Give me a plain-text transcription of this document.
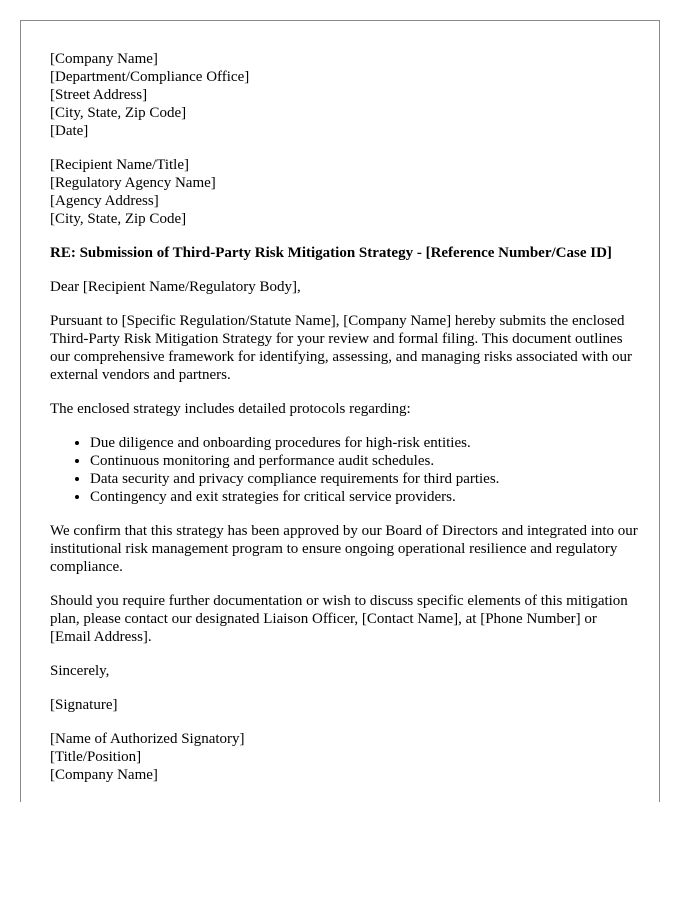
[Company Name]
[Department/Compliance Office]
[Street Address]
[City, State, Zip Code]
[Date]
[Recipient Name/Title]
[Regulatory Agency Name]
[Agency Address]
[City, State, Zip Code]
RE: Submission of Third-Party Risk Mitigation Strategy - [Reference Number/Case ID]

Dear [Recipient Name/Regulatory Body],

Pursuant to [Specific Regulation/Statute Name], [Company Name] hereby submits the enclosed Third-Party Risk Mitigation Strategy for your review and formal filing. This document outlines our comprehensive framework for identifying, assessing, and managing risks associated with our external vendors and partners.

The enclosed strategy includes detailed protocols regarding:

• Due diligence and onboarding procedures for high-risk entities.
• Continuous monitoring and performance audit schedules.
• Data security and privacy compliance requirements for third parties.
• Contingency and exit strategies for critical service providers.

We confirm that this strategy has been approved by our Board of Directors and integrated into our institutional risk management program to ensure ongoing operational resilience and regulatory compliance.

Should you require further documentation or wish to discuss specific elements of this mitigation plan, please contact our designated Liaison Officer, [Contact Name], at [Phone Number] or [Email Address].

Sincerely,

[Signature]

[Name of Authorized Signatory]
[Title/Position]
[Company Name]
